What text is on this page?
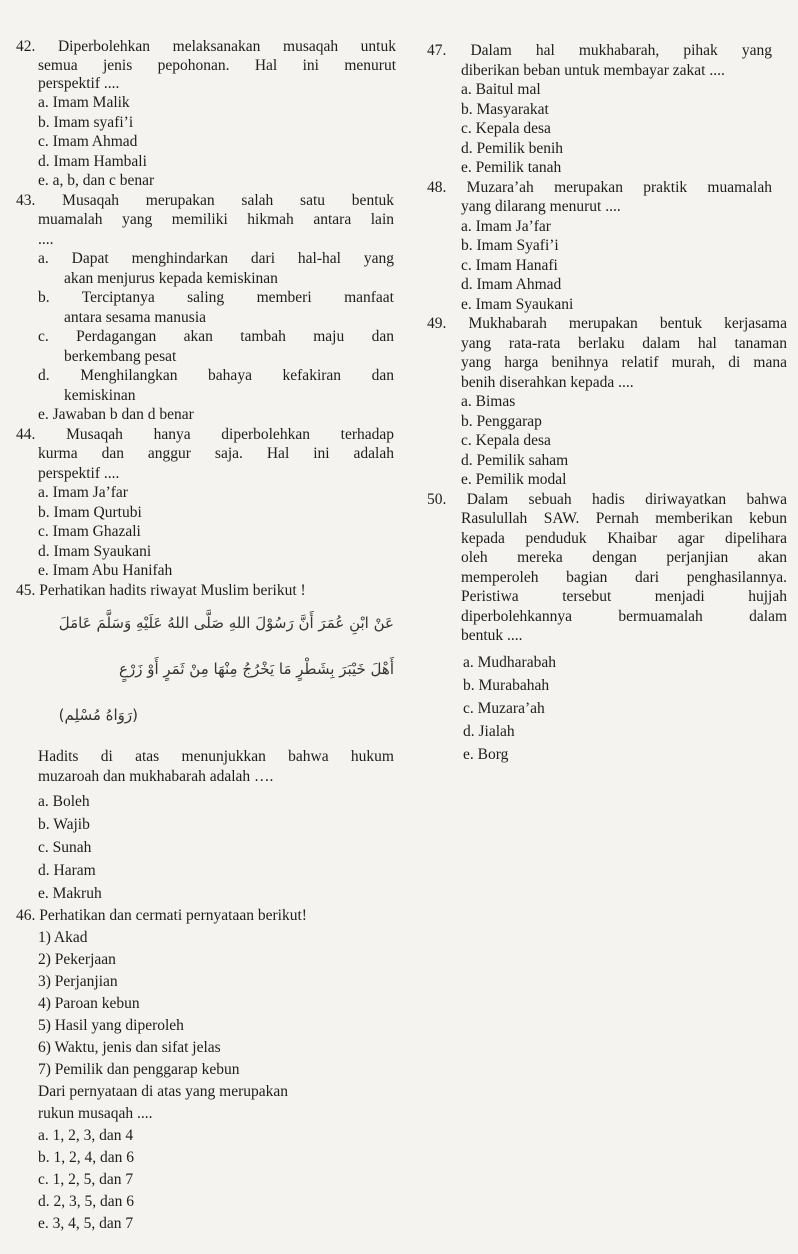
42. Diperbolehkan melaksanakan musaqah untuk
semua jenis pepohonan. Hal ini menurut
perspektif ....
a. Imam Malik
b. Imam syafi’i
c. Imam Ahmad
d. Imam Hambali
e. a, b, dan c benar
43. Musaqah merupakan salah satu bentuk
muamalah yang memiliki hikmah antara lain
....
a. Dapat menghindarkan dari hal-hal yang
akan menjurus kepada kemiskinan
b. Terciptanya saling memberi manfaat
antara sesama manusia
c. Perdagangan akan tambah maju dan
berkembang pesat
d. Menghilangkan bahaya kefakiran dan
kemiskinan
e. Jawaban b dan d benar
44. Musaqah hanya diperbolehkan terhadap
kurma dan anggur saja. Hal ini adalah
perspektif ....
a. Imam Ja’far
b. Imam Qurtubi
c. Imam Ghazali
d. Imam Syaukani
e. Imam Abu Hanifah
45. Perhatikan hadits riwayat Muslim berikut !
عَنْ ابْنِ عُمَرَ أَنَّ رَسُوْلَ اللهِ صَلَّى اللهُ عَلَيْهِ وَسَلَّمَ عَامَلَ
أَهْلَ خَيْبَرَ بِشَطْرٍ مَا يَخْرُجُ مِنْهَا مِنْ ثَمَرٍ أَوْ زَرْعٍ
(رَوَاهُ مُسْلِم)
Hadits di atas menunjukkan bahwa hukum
muzaroah dan mukhabarah adalah ….
a. Boleh
b. Wajib
c. Sunah
d. Haram
e. Makruh
46. Perhatikan dan cermati pernyataan berikut!
1) Akad
2) Pekerjaan
3) Perjanjian
4) Paroan kebun
5) Hasil yang diperoleh
6) Waktu, jenis dan sifat jelas
7) Pemilik dan penggarap kebun
Dari pernyataan di atas yang merupakan
rukun musaqah ....
a. 1, 2, 3, dan 4
b. 1, 2, 4, dan 6
c. 1, 2, 5, dan 7
d. 2, 3, 5, dan 6
e. 3, 4, 5, dan 7
47. Dalam hal mukhabarah, pihak yang
diberikan beban untuk membayar zakat ....
a. Baitul mal
b. Masyarakat
c. Kepala desa
d. Pemilik benih
e. Pemilik tanah
48. Muzara’ah merupakan praktik muamalah
yang dilarang menurut ....
a. Imam Ja’far
b. Imam Syafi’i
c. Imam Hanafi
d. Imam Ahmad
e. Imam Syaukani
49. Mukhabarah merupakan bentuk kerjasama
yang rata-rata berlaku dalam hal tanaman
yang harga benihnya relatif murah, di mana
benih diserahkan kepada ....
a. Bimas
b. Penggarap
c. Kepala desa
d. Pemilik saham
e. Pemilik modal
50. Dalam sebuah hadis diriwayatkan bahwa
Rasulullah SAW. Pernah memberikan kebun
kepada penduduk Khaibar agar dipelihara
oleh mereka dengan perjanjian akan
memperoleh bagian dari penghasilannya.
Peristiwa tersebut menjadi hujjah
diperbolehkannya bermuamalah dalam
bentuk ....
a. Mudharabah
b. Murabahah
c. Muzara’ah
d. Jialah
e. Borg
